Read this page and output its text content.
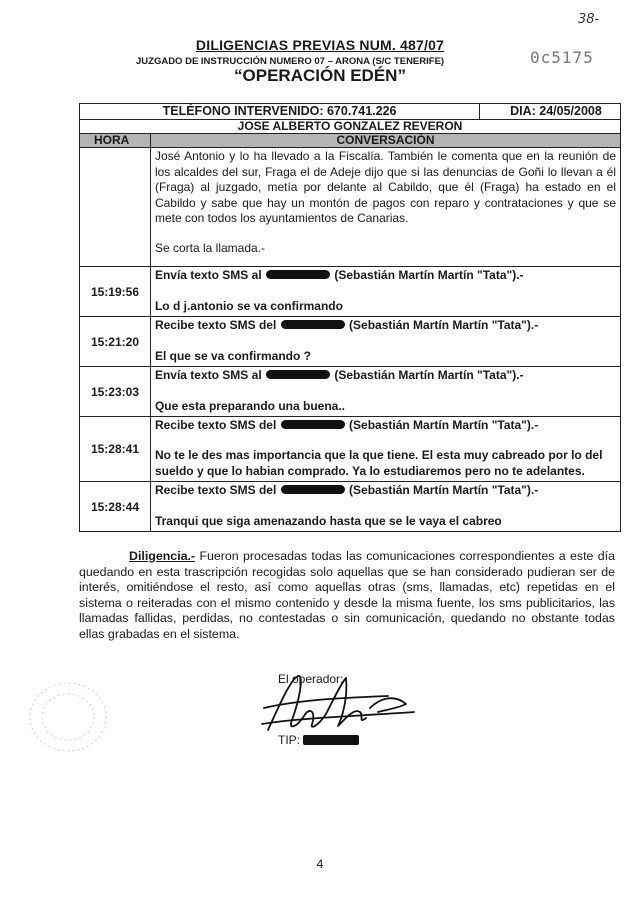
38-
0c5175
DILIGENCIAS PREVIAS NUM. 487/07
JUZGADO DE INSTRUCCIÓN NUMERO 07 – ARONA (S/C TENERIFE)
“OPERACIÓN EDÉN”
TELÉFONO INTERVENIDO: 670.741.226		DIA: 24/05/2008
JOSE ALBERTO GONZALEZ REVERON		
HORA	CONVERSACIÓN	

	José Antonio y lo ha llevado a la Fiscalía. También le comenta que en la reunión de los alcaldes del sur, Fraga el de Adeje dijo que si las denuncias de Goñi lo llevan a él (Fraga) al juzgado, metía por delante al Cabildo, que él (Fraga) ha estado en el Cabildo y sabe que hay un montón de pagos con reparo y contrataciones y que se mete con todos los ayuntamientos de Canarias.
Se corta la llamada.-	

15:19:56	Envía texto SMS al (Sebastián Martín Martín "Tata").-
Lo d j.antonio se va confirmando	

15:21:20	Recibe texto SMS del (Sebastián Martín Martín "Tata").-
El que se va confirmando ?	

15:23:03	Envía texto SMS al (Sebastián Martín Martín "Tata").-
Que esta preparando una buena..	

15:28:41	Recibe texto SMS del (Sebastián Martín Martín "Tata").-
No te le des mas importancia que la que tiene. El esta muy cabreado por lo del sueldo y que lo habian comprado. Ya lo estudiaremos pero no te adelantes.	

15:28:44	Recibe texto SMS del (Sebastián Martín Martín "Tata").-
Tranqui que siga amenazando hasta que se le vaya el cabreo	
Diligencia.- Fueron procesadas todas las comunicaciones correspondientes a este día quedando en esta trascripción recogidas solo aquellas que se han considerado pudieran ser de interés, omitiéndose el resto, así como aquellas otras (sms, llamadas, etc) repetidas en el sistema o reiteradas con el mismo contenido y desde la misma fuente, los sms publicitarios, las llamadas fallidas, perdidas, no contestadas o sin comunicación, quedando no obstante todas ellas grabadas en el sistema.
El operador:
TIP:
4
